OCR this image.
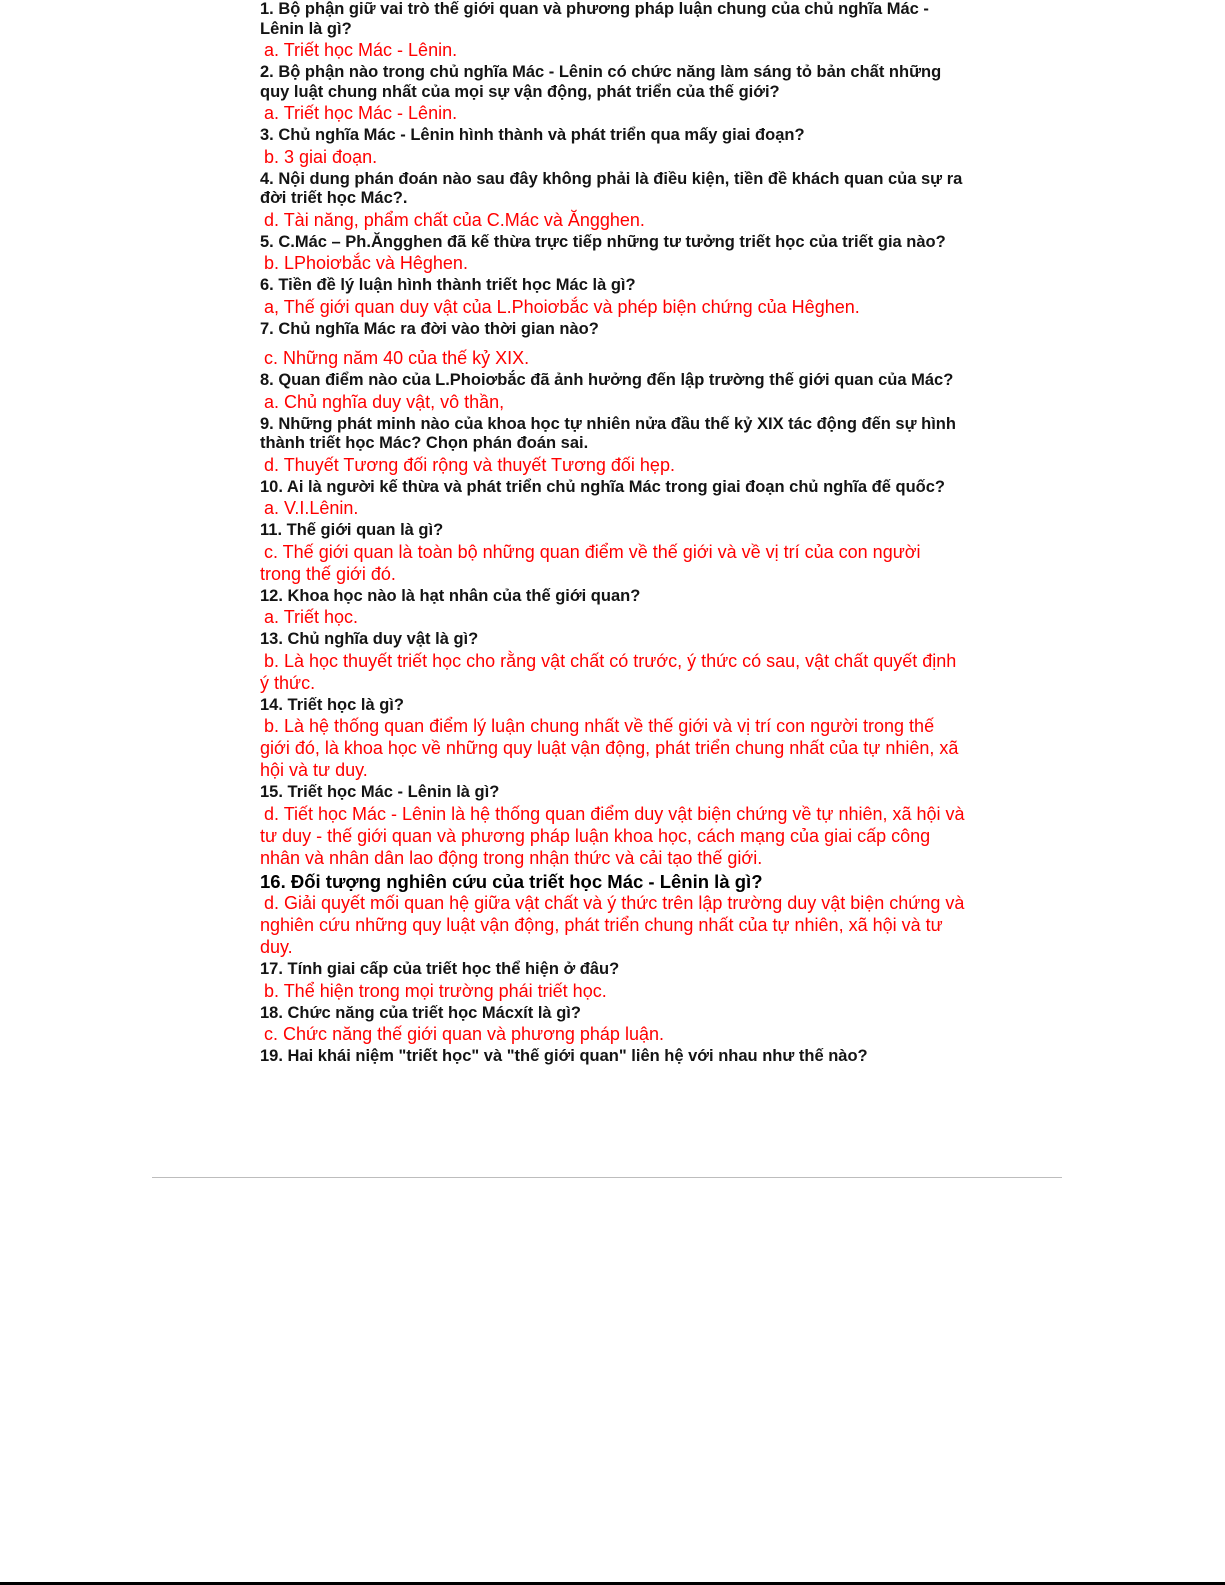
1. Bộ phận giữ vai trò thế giới quan và phương pháp luận chung của chủ nghĩa Mác - Lênin là gì?

a. Triết học Mác - Lênin.

2. Bộ phận nào trong chủ nghĩa Mác - Lênin có chức năng làm sáng tỏ bản chất những quy luật chung nhất của mọi sự vận động, phát triển của thế giới?

a. Triết học Mác - Lênin.

3. Chủ nghĩa Mác - Lênin hình thành và phát triển qua mấy giai đoạn?

b. 3 giai đoạn.

4. Nội dung phán đoán nào sau đây không phải là điều kiện, tiền đề khách quan của sự ra đời triết học Mác?.

d. Tài năng, phẩm chất của C.Mác và Ăngghen.

5. C.Mác – Ph.Ăngghen đã kế thừa trực tiếp những tư tưởng triết học của triết gia nào?

b. LPhoiơbắc và Hêghen.

6. Tiền đề lý luận hình thành triết học Mác là gì?

a, Thế giới quan duy vật của L.Phoiơbắc và phép biện chứng của Hêghen.

7. Chủ nghĩa Mác ra đời vào thời gian nào?

c. Những năm 40 của thế kỷ XIX.

8. Quan điểm nào của L.Phoiơbắc đã ảnh hưởng đến lập trường thế giới quan của Mác?

a. Chủ nghĩa duy vật, vô thần,

9. Những phát minh nào của khoa học tự nhiên nửa đầu thế kỷ XIX tác động đến sự hình thành triết học Mác? Chọn phán đoán sai.

d. Thuyết Tương đối rộng và thuyết Tương đối hẹp.

10. Ai là người kế thừa và phát triển chủ nghĩa Mác trong giai đoạn chủ nghĩa đế quốc?

a. V.I.Lênin.

11. Thế giới quan là gì?

c. Thế giới quan là toàn bộ những quan điểm về thế giới và về vị trí của con người trong thế giới đó.

12. Khoa học nào là hạt nhân của thế giới quan?

a. Triết học.

13. Chủ nghĩa duy vật là gì?

b. Là học thuyết triết học cho rằng vật chất có trước, ý thức có sau, vật chất quyết định ý thức.

14. Triết học là gì?

b. Là hệ thống quan điểm lý luận chung nhất về thế giới và vị trí con người trong thế giới đó, là khoa học về những quy luật vận động, phát triển chung nhất của tự nhiên, xã hội và tư duy.

15. Triết học Mác - Lênin là gì?

d. Tiết học Mác - Lênin là hệ thống quan điểm duy vật biện chứng về tự nhiên, xã hội và tư duy - thế giới quan và phương pháp luận khoa học, cách mạng của giai cấp công nhân và nhân dân lao động trong nhận thức và cải tạo thế giới.

16. Đối tượng nghiên cứu của triết học Mác - Lênin là gì?

d. Giải quyết mối quan hệ giữa vật chất và ý thức trên lập trường duy vật biện chứng và nghiên cứu những quy luật vận động, phát triển chung nhất của tự nhiên, xã hội và tư duy.

17. Tính giai cấp của triết học thể hiện ở đâu?

b. Thể hiện trong mọi trường phái triết học.

18. Chức năng của triết học Mácxít là gì?

c. Chức năng thế giới quan và phương pháp luận.

19. Hai khái niệm "triết học" và "thế giới quan" liên hệ với nhau như thế nào?
